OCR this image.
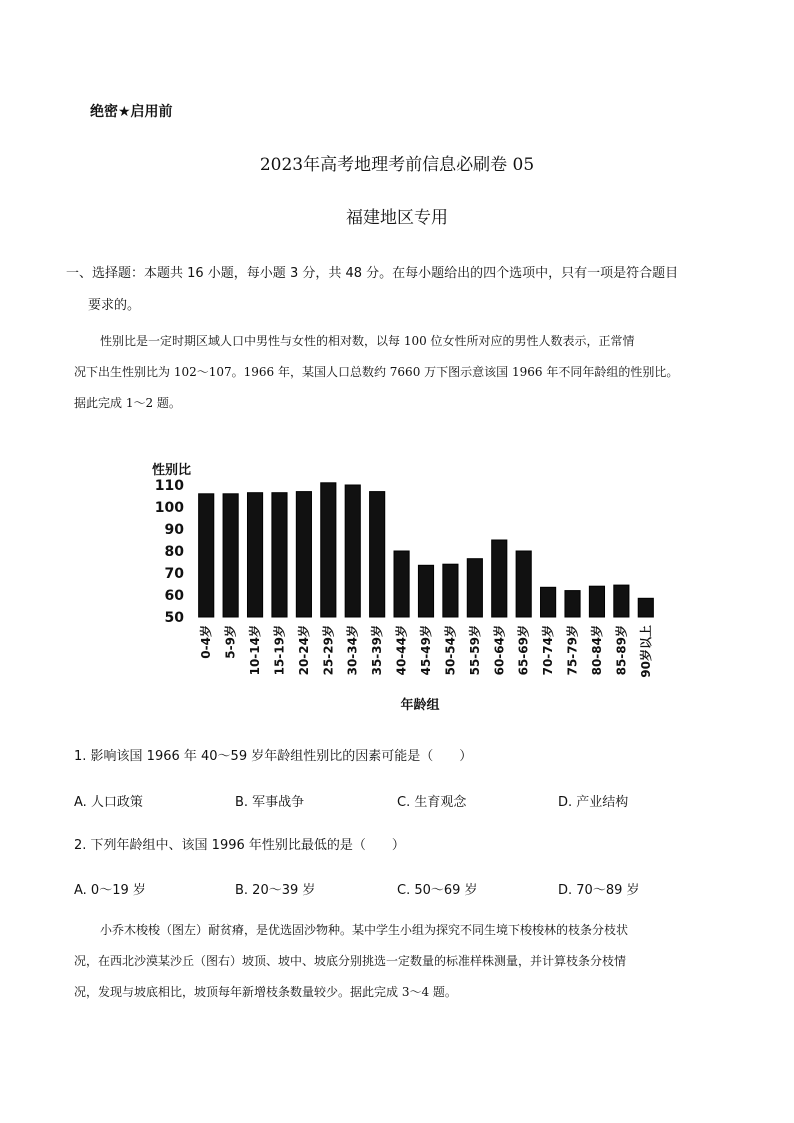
绝密★启用前
2023年高考地理考前信息必刷卷 05
福建地区专用
一、选择题：本题共 16 小题，每小题 3 分，共 48 分。在每小题给出的四个选项中，只有一项是符合题目
要求的。
性别比是一定时期区域人口中男性与女性的相对数，以每 100 位女性所对应的男性人数表示，正常情
况下出生性别比为 102～107。1966 年，某国人口总数约 7660 万下图示意该国 1966 年不同年龄组的性别比。
据此完成 1～2 题。
性别比
50
60
70
80
90
100
110
0-4岁 5-9岁 10-14岁 15-19岁 20-24岁 25-29岁 30-34岁 35-39岁 40-44岁 45-49岁 50-54岁 55-59岁 60-64岁 65-69岁 70-74岁 75-79岁 80-84岁 85-89岁 90岁以上
年龄组
1. 影响该国 1966 年 40～59 岁年龄组性别比的因素可能是（　　）
A. 人口政策	B. 军事战争	C. 生育观念	D. 产业结构
2. 下列年龄组中、该国 1996 年性别比最低的是（　　）
A. 0～19 岁	B. 20～39 岁	C. 50～69 岁	D. 70～89 岁
小乔木梭梭（图左）耐贫瘠，是优选固沙物种。某中学生小组为探究不同生境下梭梭林的枝条分枝状
况，在西北沙漠某沙丘（图右）坡顶、坡中、坡底分别挑选一定数量的标准样株测量，并计算枝条分枝情
况，发现与坡底相比，坡顶每年新增枝条数量较少。据此完成 3～4 题。
